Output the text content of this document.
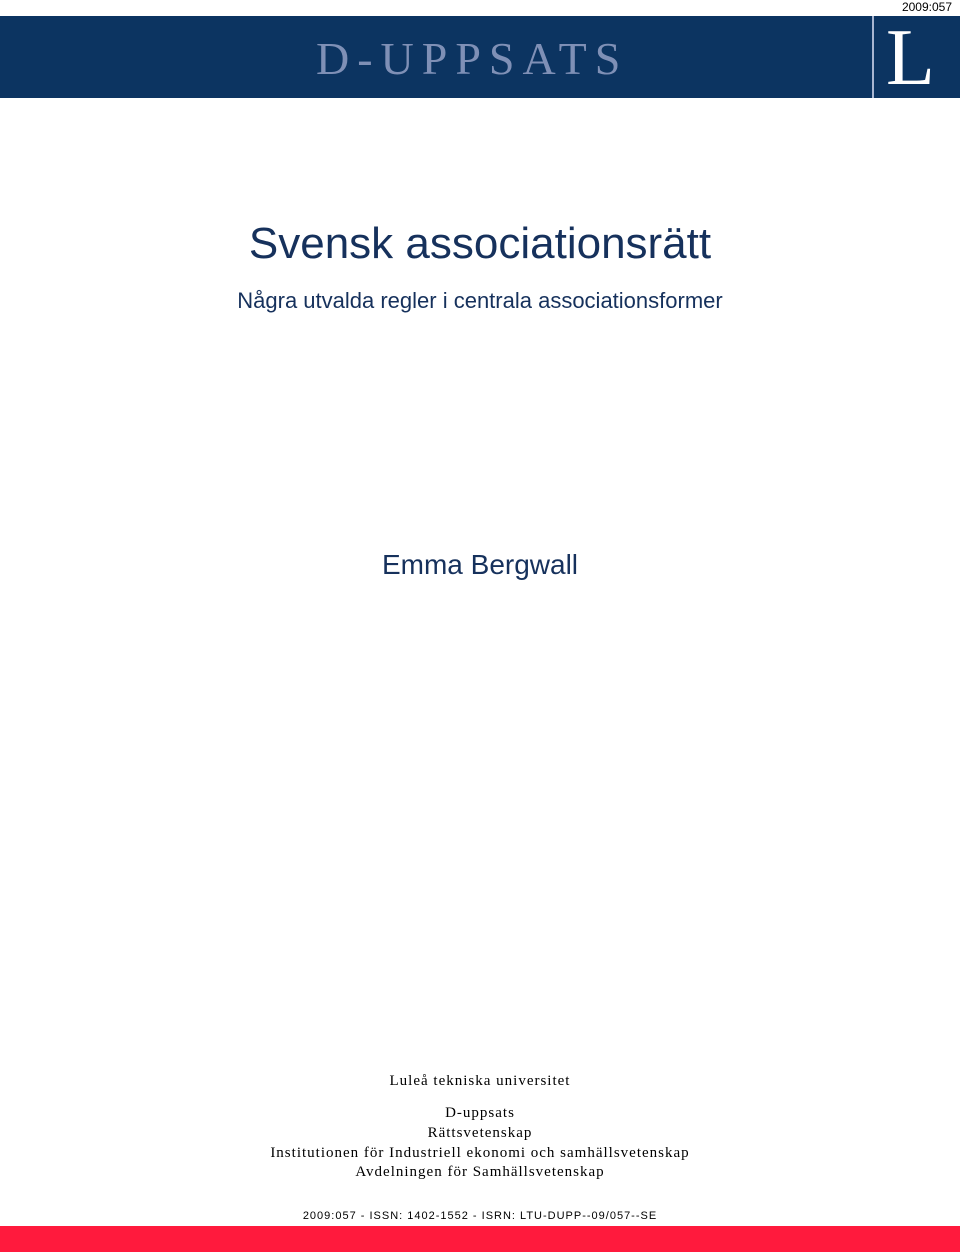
2009:057
D-UPPSATS	L
Svensk associationsrätt
Några utvalda regler i centrala associationsformer
Emma Bergwall
Luleå tekniska universitet
D-uppsats
Rättsvetenskap
Institutionen för Industriell ekonomi och samhällsvetenskap
Avdelningen för Samhällsvetenskap
2009:057 - ISSN: 1402-1552 - ISRN: LTU-DUPP--09/057--SE
